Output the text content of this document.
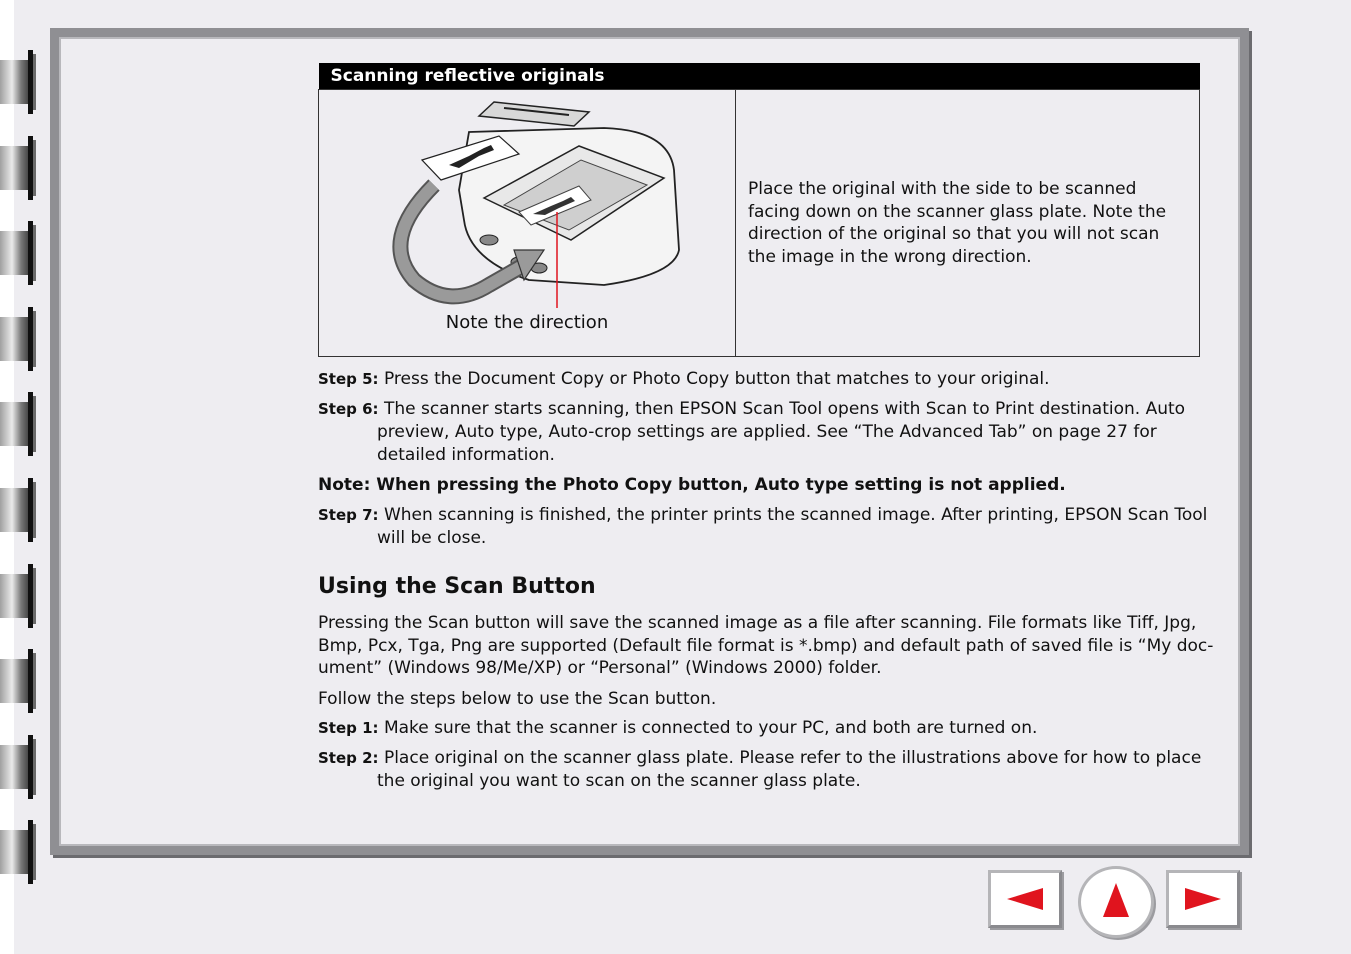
Scanning reflective originals

Note the direction
	Place the original with the side to be scanned facing down on the scanner glass plate. Note the direction of the original so that you will not scan the image in the wrong direction.

Step 5: Press the Document Copy or Photo Copy button that matches to your original.

Step 6: The scanner starts scanning, then EPSON Scan Tool opens with Scan to Print destination. Auto preview, Auto type, Auto-crop settings are applied. See “The Advanced Tab” on page 27 for detailed information.

Note: When pressing the Photo Copy button, Auto type setting is not applied.

Step 7: When scanning is finished, the printer prints the scanned image. After printing, EPSON Scan Tool will be close.

Using the Scan Button

Pressing the Scan button will save the scanned image as a file after scanning. File formats like Tiff, Jpg, Bmp, Pcx, Tga, Png are supported (Default file format is *.bmp) and default path of saved file is “My doc-ument” (Windows 98/Me/XP) or “Personal” (Windows 2000) folder.

Follow the steps below to use the Scan button.

Step 1: Make sure that the scanner is connected to your PC, and both are turned on.

Step 2: Place original on the scanner glass plate. Please refer to the illustrations above for how to place the original you want to scan on the scanner glass plate.
